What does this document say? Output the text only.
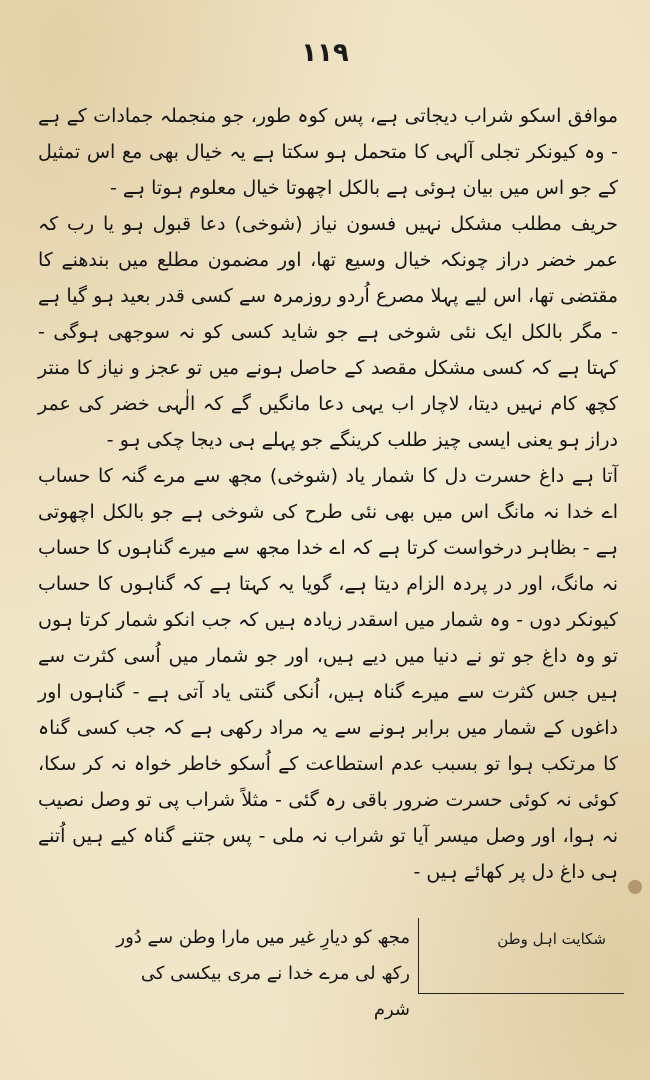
۱۱۹

موافق اسکو شراب دیجاتی ہے، پس کوہ طور، جو منجملہ جمادات کے ہے - وہ کیونکر تجلی آلہی کا متحمل ہو سکتا ہے یہ خیال بھی مع اس تمثیل کے جو اس میں بیان ہوئی ہے بالکل اچھوتا خیال معلوم ہوتا ہے -

حریف مطلب مشکل نہیں فسون نیاز (شوخی) دعا قبول ہو یا رب کہ عمر خضر دراز چونکہ خیال وسیع تھا، اور مضمون مطلع میں بندھنے کا مقتضی تھا، اس لیے پہلا مصرع اُردو روزمرہ سے کسی قدر بعید ہو گیا ہے - مگر بالکل ایک نئی شوخی ہے جو شاید کسی کو نہ سوجھی ہوگی - کہتا ہے کہ کسی مشکل مقصد کے حاصل ہونے میں تو عجز و نیاز کا منتر کچھ کام نہیں دیتا، لاچار اب یہی دعا مانگیں گے کہ الٰہی خضر کی عمر دراز ہو یعنی ایسی چیز طلب کرینگے جو پہلے ہی دیجا چکی ہو -

آتا ہے داغ حسرت دل کا شمار یاد (شوخی) مجھ سے مرے گنہ کا حساب اے خدا نہ مانگ اس میں بھی نئی طرح کی شوخی ہے جو بالکل اچھوتی ہے - بظاہر درخواست کرتا ہے کہ اے خدا مجھ سے میرے گناہوں کا حساب نہ مانگ، اور در پردہ الزام دیتا ہے، گویا یہ کہتا ہے کہ گناہوں کا حساب کیونکر دوں - وہ شمار میں اسقدر زیادہ ہیں کہ جب انکو شمار کرتا ہوں تو وہ داغ جو تو نے دنیا میں دیے ہیں، اور جو شمار میں اُسی کثرت سے ہیں جس کثرت سے میرے گناہ ہیں، اُنکی گنتی یاد آتی ہے - گناہوں اور داغوں کے شمار میں برابر ہونے سے یہ مراد رکھی ہے کہ جب کسی گناہ کا مرتکب ہوا تو بسبب عدم استطاعت کے اُسکو خاطر خواہ نہ کر سکا، کوئی نہ کوئی حسرت ضرور باقی رہ گئی - مثلاً شراب پی تو وصل نصیب نہ ہوا، اور وصل میسر آیا تو شراب نہ ملی - پس جتنے گناہ کیے ہیں اُتنے ہی داغ دل پر کھائے ہیں -

شکایت اہل وطن
مجھ کو دیارِ غیر میں مارا وطن سے دُور
رکھ لی مرے خدا نے مری بیکسی کی شرم
